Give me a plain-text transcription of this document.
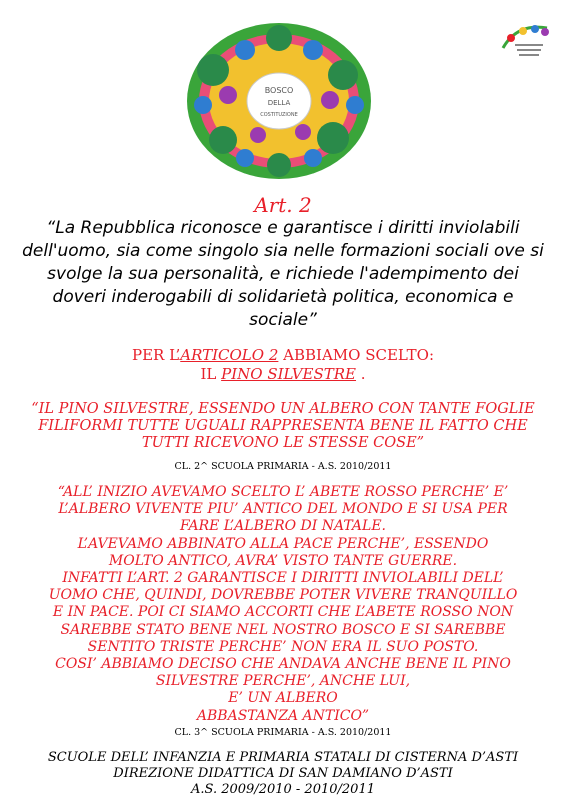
BOSCO
DELLA
COSTITUZIONE
Art. 2
“La Repubblica riconosce e garantisce i diritti inviolabili dell'uomo, sia come singolo sia nelle formazioni sociali ove si svolge la sua personalità, e richiede l'adempimento dei doveri inderogabili di solidarietà politica, economica e sociale”
PER L’ARTICOLO 2 ABBIAMO SCELTO:
IL PINO SILVESTRE .
“IL PINO SILVESTRE, ESSENDO UN ALBERO CON TANTE FOGLIE FILIFORMI TUTTE UGUALI RAPPRESENTA BENE IL FATTO CHE TUTTI RICEVONO LE STESSE COSE”
CL. 2^ SCUOLA PRIMARIA - A.S. 2010/2011
“ALL’ INIZIO AVEVAMO SCELTO L’ ABETE ROSSO PERCHE’ E’
L’ALBERO VIVENTE PIU’ ANTICO DEL MONDO E SI USA PER
FARE L’ALBERO DI NATALE.
L’AVEVAMO ABBINATO ALLA PACE PERCHE’, ESSENDO
MOLTO ANTICO, AVRA’ VISTO TANTE GUERRE.
INFATTI L’ART. 2 GARANTISCE I DIRITTI INVIOLABILI DELL’
UOMO CHE, QUINDI, DOVREBBE POTER VIVERE TRANQUILLO
E IN PACE. POI CI SIAMO ACCORTI CHE L’ABETE ROSSO NON
SAREBBE STATO BENE NEL NOSTRO BOSCO E SI SAREBBE
SENTITO TRISTE PERCHE’ NON ERA IL SUO POSTO.
COSI’ ABBIAMO DECISO CHE ANDAVA ANCHE BENE IL PINO
SILVESTRE PERCHE’, ANCHE LUI,
E’ UN ALBERO
ABBASTANZA ANTICO”
CL. 3^ SCUOLA PRIMARIA - A.S. 2010/2011
SCUOLE DELL’ INFANZIA E PRIMARIA STATALI DI CISTERNA D’ASTI
DIREZIONE DIDATTICA DI SAN DAMIANO D’ASTI
A.S. 2009/2010 - 2010/2011
